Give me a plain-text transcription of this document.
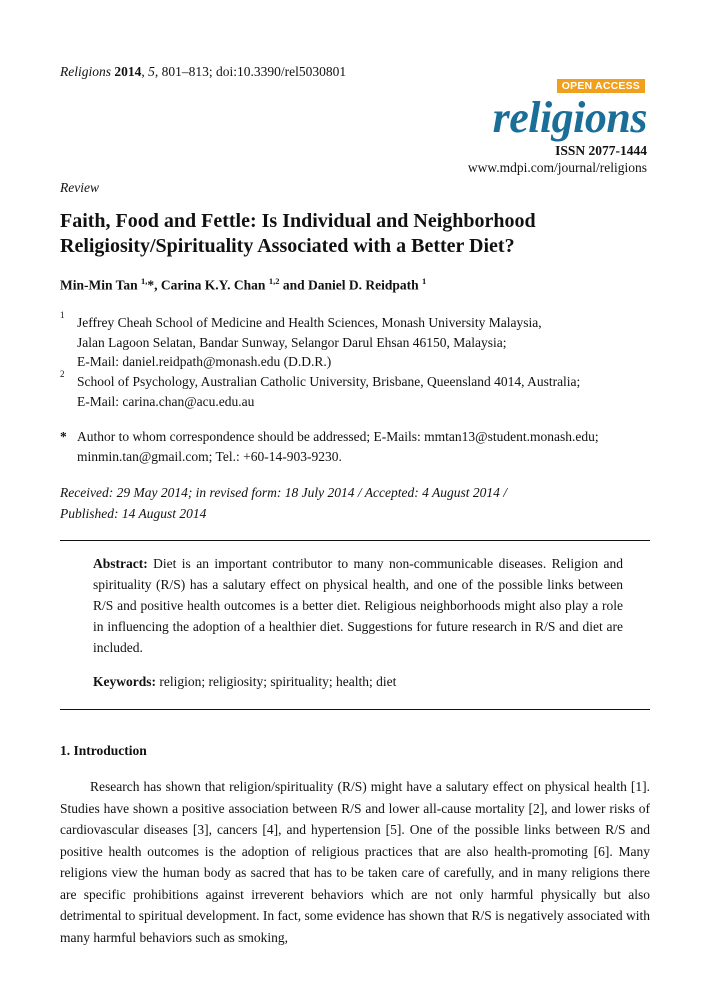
Religions 2014, 5, 801–813; doi:10.3390/rel5030801
OPEN ACCESS
religions
ISSN 2077-1444
www.mdpi.com/journal/religions
Review
Faith, Food and Fettle: Is Individual and Neighborhood Religiosity/Spirituality Associated with a Better Diet?
Min-Min Tan $^{1,}$*, Carina K.Y. Chan $^{1,2}$ and Daniel D. Reidpath $^1$
1 Jeffrey Cheah School of Medicine and Health Sciences, Monash University Malaysia,
Jalan Lagoon Selatan, Bandar Sunway, Selangor Darul Ehsan 46150, Malaysia;
E-Mail: daniel.reidpath@monash.edu (D.D.R.)
2 School of Psychology, Australian Catholic University, Brisbane, Queensland 4014, Australia;
E-Mail: carina.chan@acu.edu.au
* Author to whom correspondence should be addressed; E-Mails: mmtan13@student.monash.edu;
minmin.tan@gmail.com; Tel.: +60-14-903-9230.
Received: 29 May 2014; in revised form: 18 July 2014 / Accepted: 4 August 2014 /
Published: 14 August 2014
Abstract: Diet is an important contributor to many non-communicable diseases. Religion and spirituality (R/S) has a salutary effect on physical health, and one of the possible links between R/S and positive health outcomes is a better diet. Religious neighborhoods might also play a role in influencing the adoption of a healthier diet. Suggestions for future research in R/S and diet are included.
Keywords: religion; religiosity; spirituality; health; diet
1. Introduction
Research has shown that religion/spirituality (R/S) might have a salutary effect on physical health [1]. Studies have shown a positive association between R/S and lower all-cause mortality [2], and lower risks of cardiovascular diseases [3], cancers [4], and hypertension [5]. One of the possible links between R/S and positive health outcomes is the adoption of religious practices that are also health-promoting [6]. Many religions view the human body as sacred that has to be taken care of carefully, and in many religions there are specific prohibitions against irreverent behaviors which are not only harmful physically but also detrimental to spiritual development. In fact, some evidence has shown that R/S is negatively associated with many harmful behaviors such as smoking,
